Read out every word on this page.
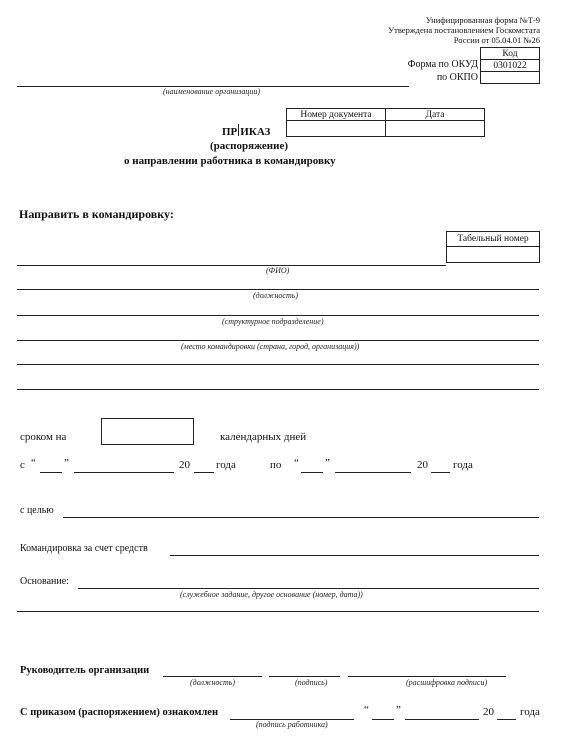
Унифицированная форма №Т-9
Утверждена постановлением Госкомстата
России от 05.04.01 №26
Код
0301022

Форма по ОКУД
по ОКПО
(наименование организации)
Номер документа	Дата

ПР ИКАЗ
(распоряжение)
о направлении работника в командировку
Направить в командировку:
Табельный номер

(ФИО)
(должность)
(структурное подразделение)
(место командировки (страна, город, организация))
сроком на	календарных дней
с “	”	20 года	по “ ”	20 года
с целью
Командировка за счет средств
Основание:
(служебное задание, другое основание (номер, дата))
Руководитель организации
(должность)	(подпись)	(расшифровка подписи)
С приказом (распоряжением) ознакомлен
(подпись работника)
“ ”	20 года
